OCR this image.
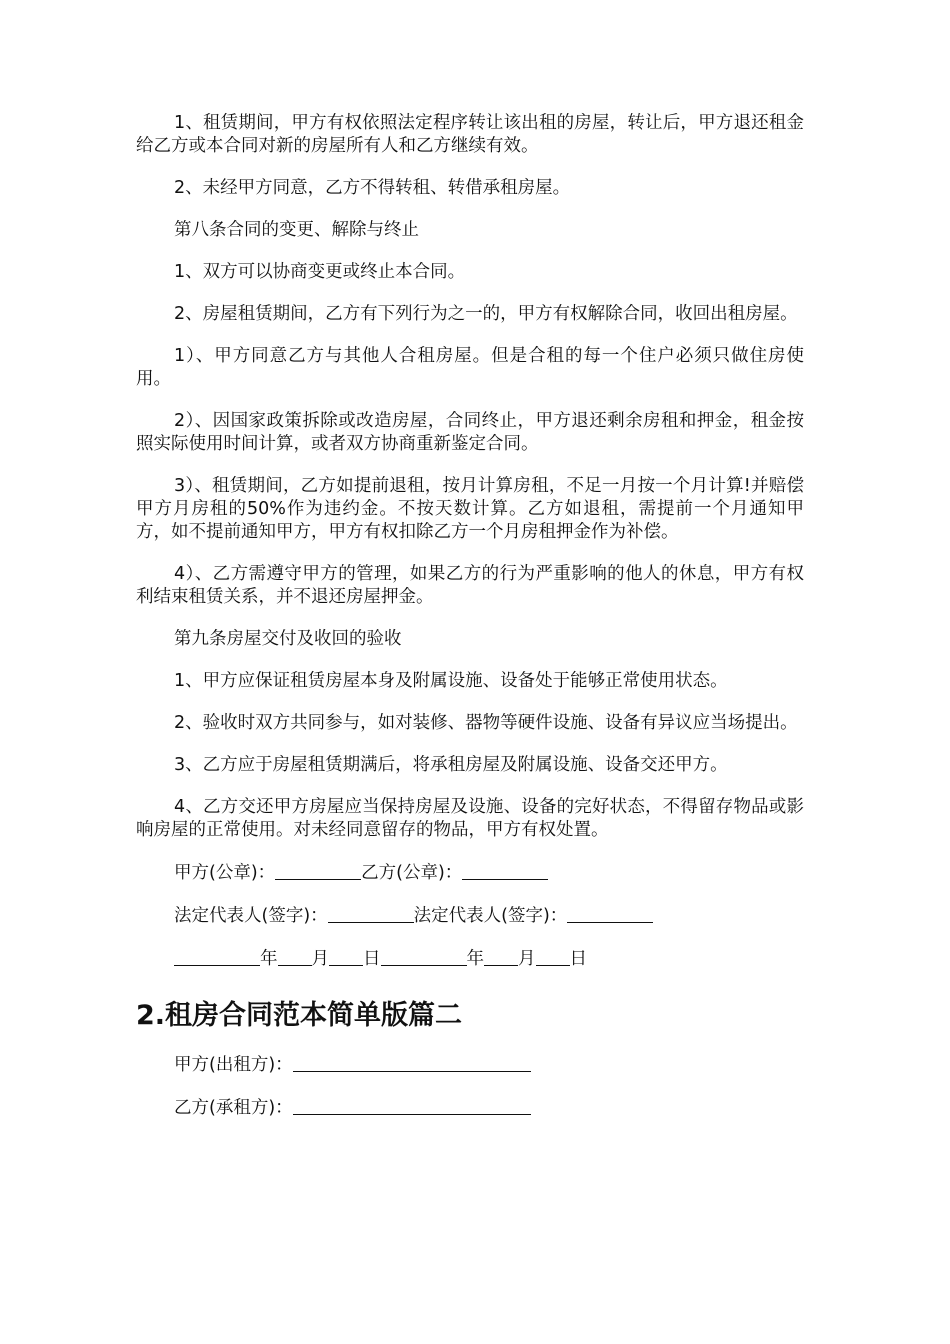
1、租赁期间，甲方有权依照法定程序转让该出租的房屋，转让后，甲方退还租金给乙方或本合同对新的房屋所有人和乙方继续有效。

2、未经甲方同意，乙方不得转租、转借承租房屋。

第八条合同的变更、解除与终止

1、双方可以协商变更或终止本合同。

2、房屋租赁期间，乙方有下列行为之一的，甲方有权解除合同，收回出租房屋。

1）、甲方同意乙方与其他人合租房屋。但是合租的每一个住户必须只做住房使用。

2）、因国家政策拆除或改造房屋，合同终止，甲方退还剩余房租和押金，租金按照实际使用时间计算，或者双方协商重新鉴定合同。

3）、租赁期间，乙方如提前退租，按月计算房租，不足一月按一个月计算!并赔偿甲方月房租的50%作为违约金。不按天数计算。乙方如退租，需提前一个月通知甲方，如不提前通知甲方，甲方有权扣除乙方一个月房租押金作为补偿。

4）、乙方需遵守甲方的管理，如果乙方的行为严重影响的他人的休息，甲方有权利结束租赁关系，并不退还房屋押金。

第九条房屋交付及收回的验收

1、甲方应保证租赁房屋本身及附属设施、设备处于能够正常使用状态。

2、验收时双方共同参与，如对装修、器物等硬件设施、设备有异议应当场提出。

3、乙方应于房屋租赁期满后，将承租房屋及附属设施、设备交还甲方。

4、乙方交还甲方房屋应当保持房屋及设施、设备的完好状态，不得留存物品或影响房屋的正常使用。对未经同意留存的物品，甲方有权处置。

甲方(公章)：	乙方(公章)：
法定代表人(签字)：	法定代表人(签字)：
年 月 日	年 月 日
2.租房合同范本简单版篇二
甲方(出租方)：
乙方(承租方)：
